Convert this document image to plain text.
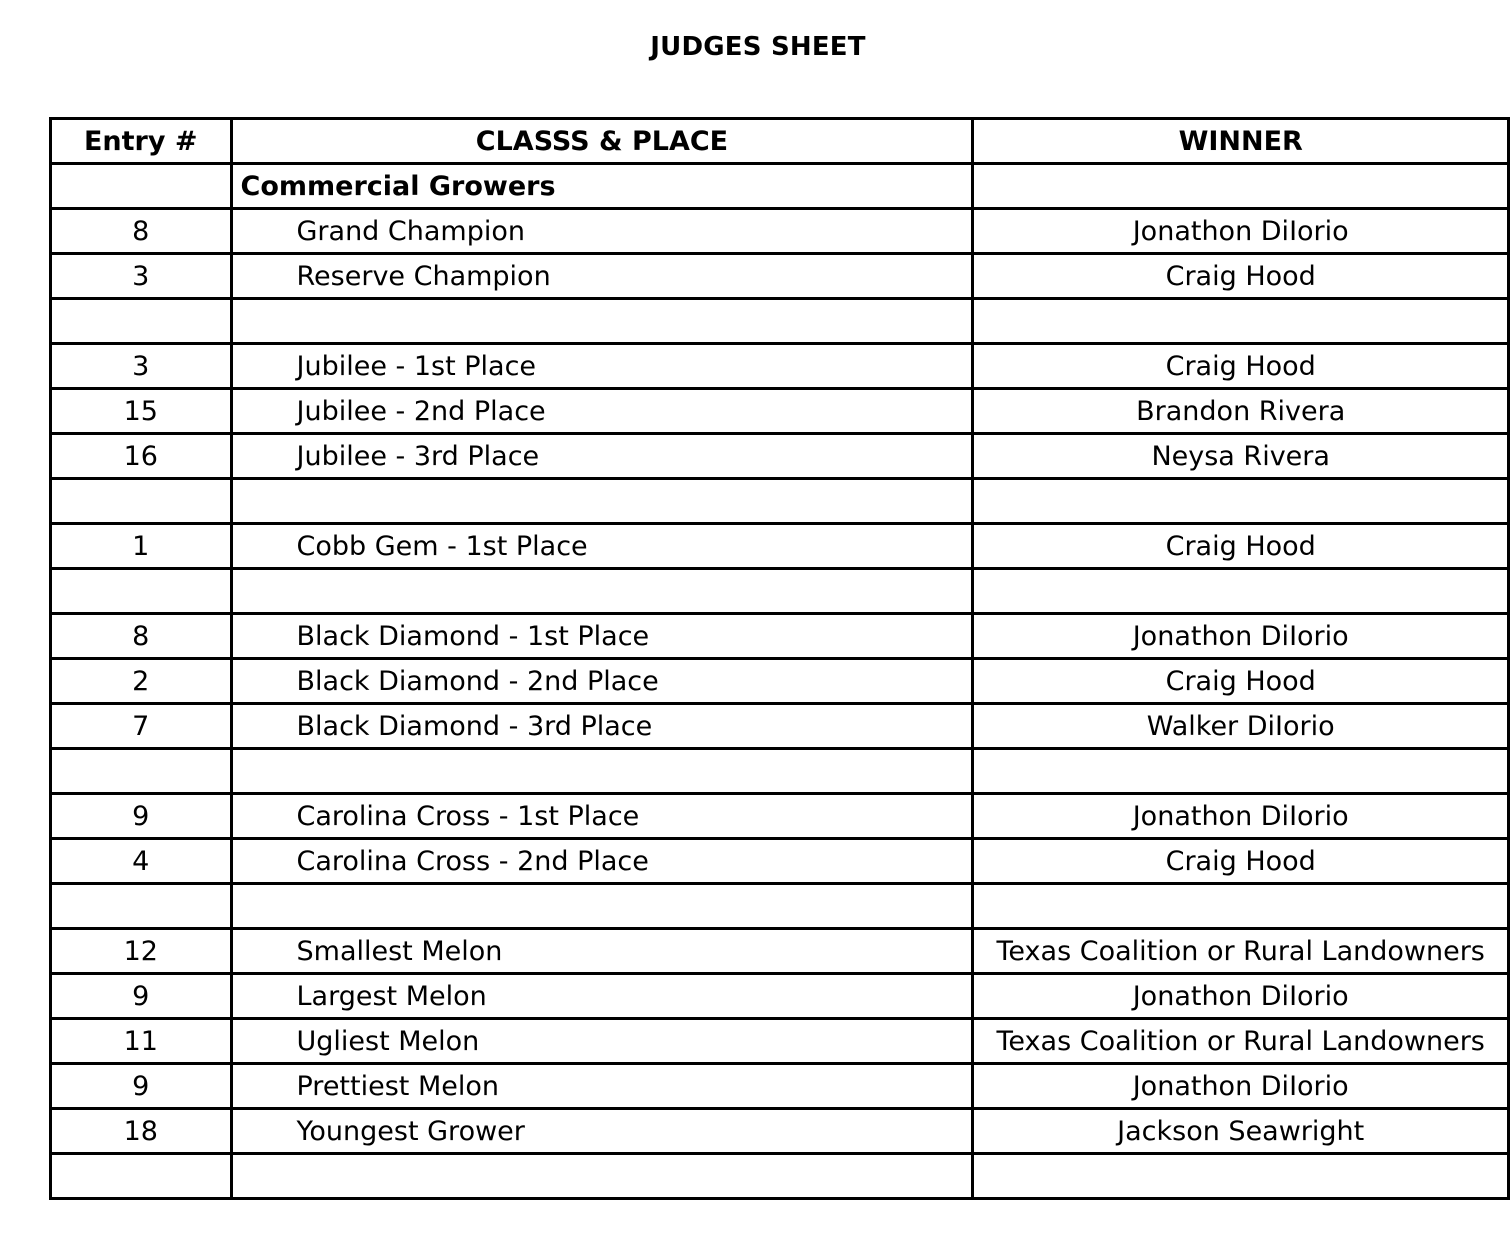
JUDGES SHEET
Entry #	CLASSS & PLACE	WINNER
	Commercial Growers	
8	Grand Champion	Jonathon DiIorio
3	Reserve Champion	Craig Hood

3	Jubilee - 1st Place	Craig Hood
15	Jubilee - 2nd Place	Brandon Rivera
16	Jubilee - 3rd Place	Neysa Rivera

1	Cobb Gem - 1st Place	Craig Hood

8	Black Diamond - 1st Place	Jonathon DiIorio
2	Black Diamond - 2nd Place	Craig Hood
7	Black Diamond - 3rd Place	Walker DiIorio

9	Carolina Cross - 1st Place	Jonathon DiIorio
4	Carolina Cross - 2nd Place	Craig Hood

12	Smallest Melon	Texas Coalition or Rural Landowners
9	Largest Melon	Jonathon DiIorio
11	Ugliest Melon	Texas Coalition or Rural Landowners
9	Prettiest Melon	Jonathon DiIorio
18	Youngest Grower	Jackson Seawright
